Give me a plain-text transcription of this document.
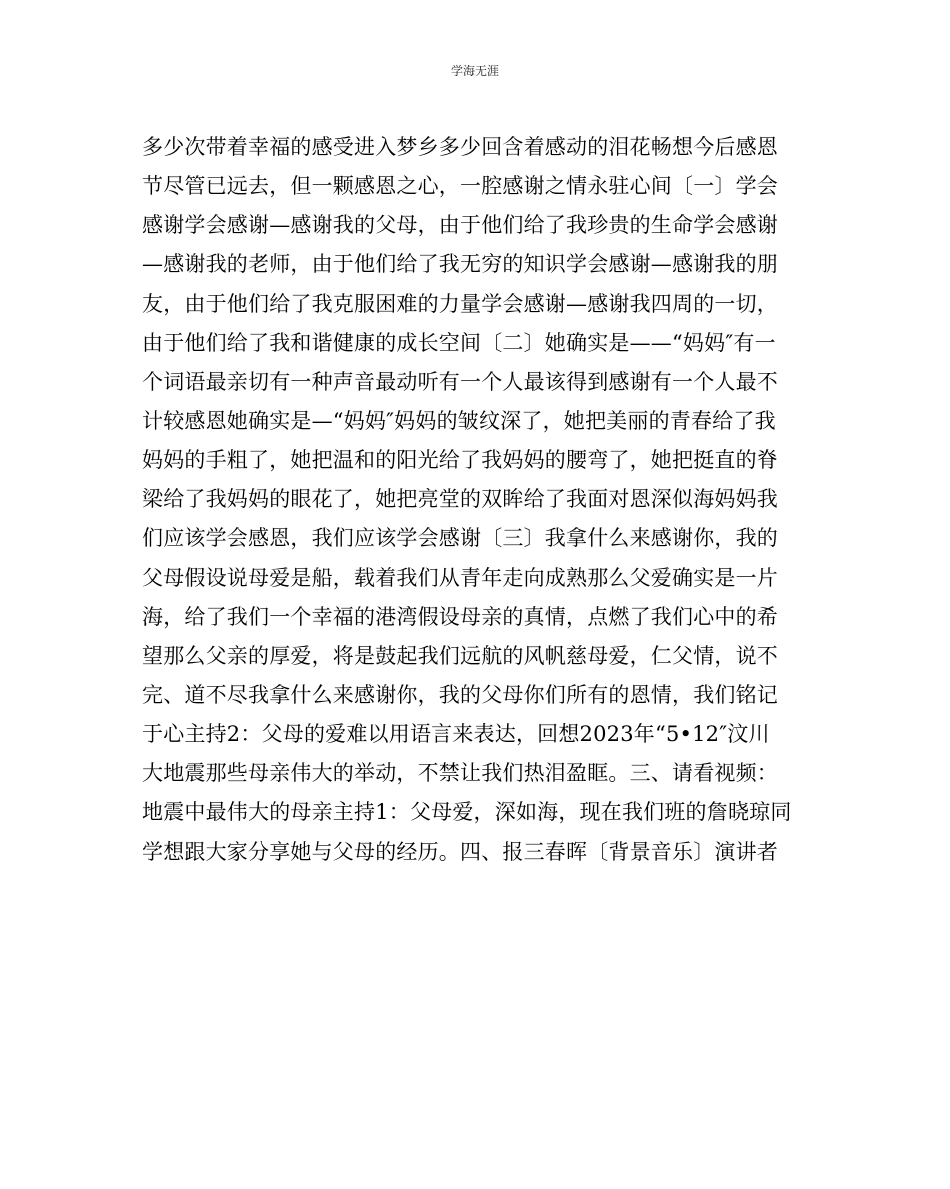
学海无涯
多少次带着幸福的感受进入梦乡多少回含着感动的泪花畅想今后感恩
节尽管已远去，但一颗感恩之心，一腔感谢之情永驻心间〔一〕学会
感谢学会感谢—感谢我的父母，由于他们给了我珍贵的生命学会感谢
—感谢我的老师，由于他们给了我无穷的知识学会感谢—感谢我的朋
友，由于他们给了我克服困难的力量学会感谢—感谢我四周的一切，
由于他们给了我和谐健康的成长空间〔二〕她确实是——“妈妈″有一
个词语最亲切有一种声音最动听有一个人最该得到感谢有一个人最不
计较感恩她确实是—“妈妈″妈妈的皱纹深了，她把美丽的青春给了我
妈妈的手粗了，她把温和的阳光给了我妈妈的腰弯了，她把挺直的脊
梁给了我妈妈的眼花了，她把亮堂的双眸给了我面对恩深似海妈妈我
们应该学会感恩，我们应该学会感谢〔三〕我拿什么来感谢你，我的
父母假设说母爱是船，载着我们从青年走向成熟那么父爱确实是一片
海，给了我们一个幸福的港湾假设母亲的真情，点燃了我们心中的希
望那么父亲的厚爱，将是鼓起我们远航的风帆慈母爱，仁父情，说不
完、道不尽我拿什么来感谢你，我的父母你们所有的恩情，我们铭记
于心主持2：父母的爱难以用语言来表达，回想2023年“5•12″汶川
大地震那些母亲伟大的举动，不禁让我们热泪盈眶。三、请看视频：
地震中最伟大的母亲主持1：父母爱，深如海，现在我们班的詹晓琼同
学想跟大家分享她与父母的经历。四、报三春晖〔背景音乐〕演讲者
